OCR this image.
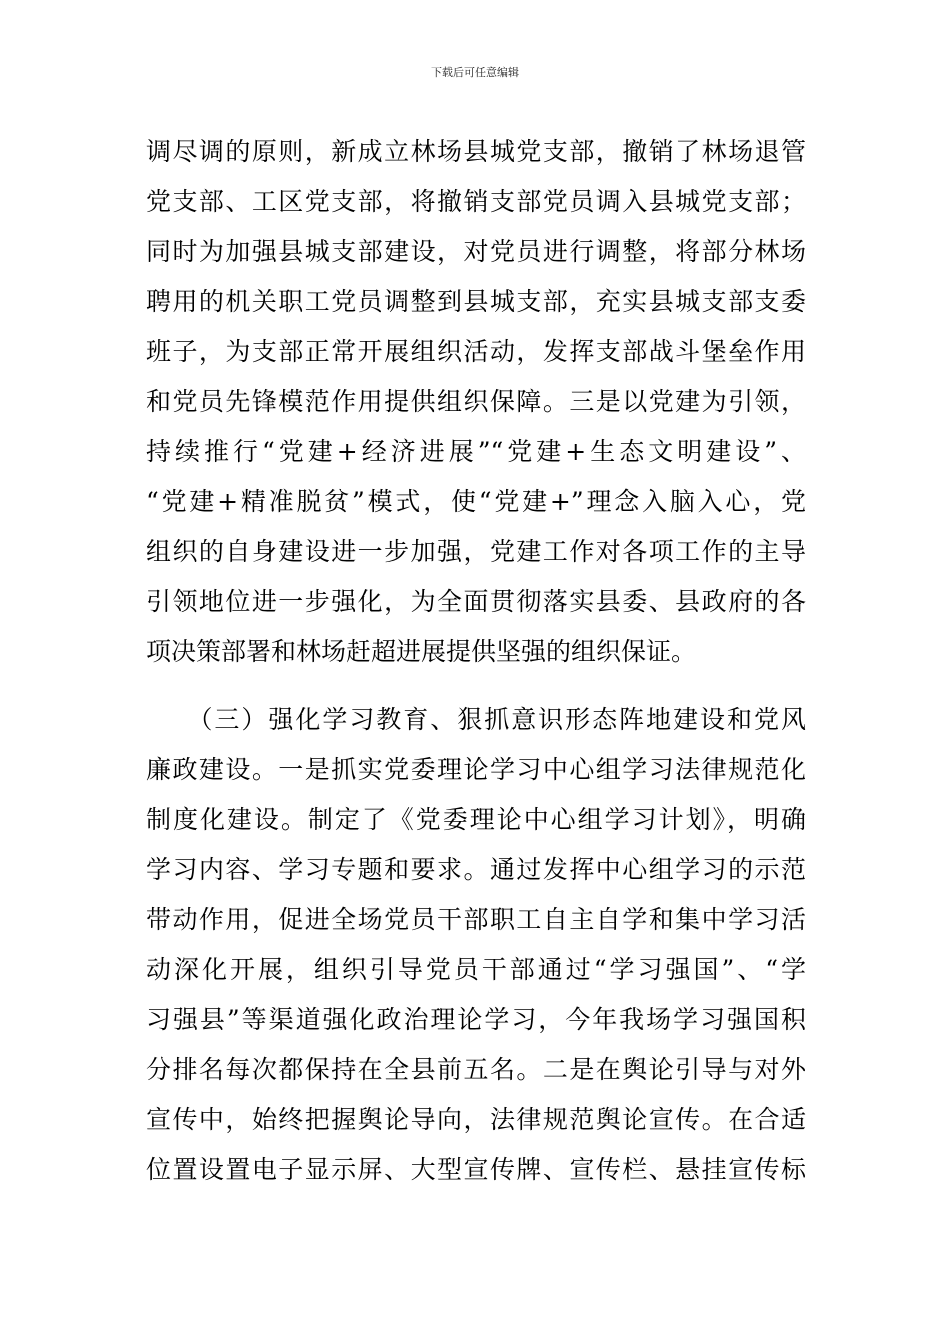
下载后可任意编辑
调尽调的原则，新成立林场县城党支部，撤销了林场退管
党支部、工区党支部，将撤销支部党员调入县城党支部；
同时为加强县城支部建设，对党员进行调整，将部分林场
聘用的机关职工党员调整到县城支部，充实县城支部支委
班子，为支部正常开展组织活动，发挥支部战斗堡垒作用
和党员先锋模范作用提供组织保障。三是以党建为引领，
持续推行“党建+经济进展”“党建+生态文明建设”、
“党建+精准脱贫”模式，使“党建+”理念入脑入心，党
组织的自身建设进一步加强，党建工作对各项工作的主导
引领地位进一步强化，为全面贯彻落实县委、县政府的各
项决策部署和林场赶超进展提供坚强的组织保证。
　　（三）强化学习教育、狠抓意识形态阵地建设和党风
廉政建设。一是抓实党委理论学习中心组学习法律规范化
制度化建设。制定了《党委理论中心组学习计划》，明确
学习内容、学习专题和要求。通过发挥中心组学习的示范
带动作用，促进全场党员干部职工自主自学和集中学习活
动深化开展，组织引导党员干部通过“学习强国”、“学
习强县”等渠道强化政治理论学习，今年我场学习强国积
分排名每次都保持在全县前五名。二是在舆论引导与对外
宣传中，始终把握舆论导向，法律规范舆论宣传。在合适
位置设置电子显示屏、大型宣传牌、宣传栏、悬挂宣传标
